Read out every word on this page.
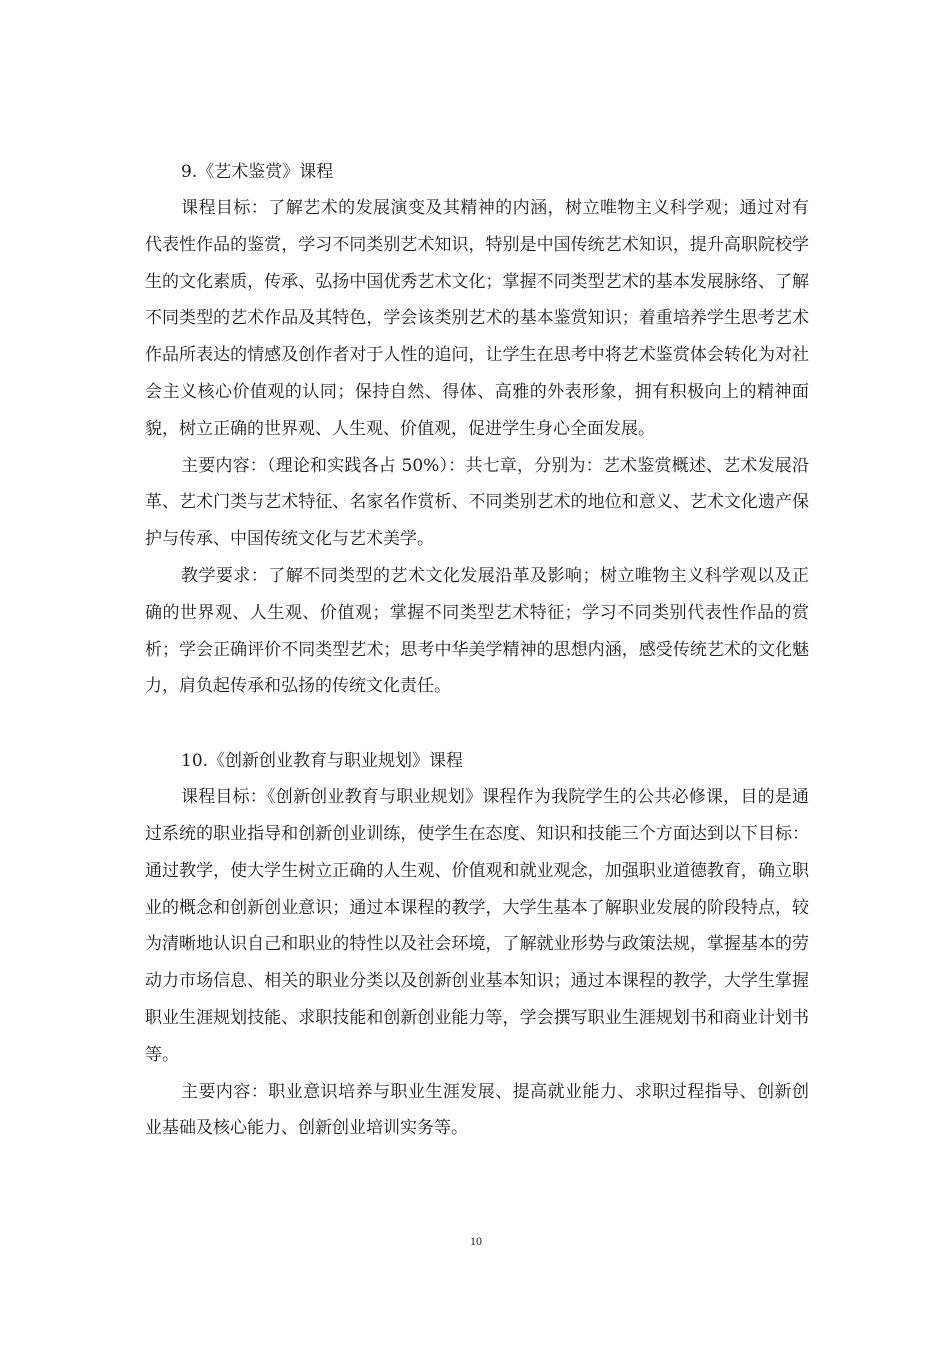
9.《艺术鉴赏》课程

课程目标：了解艺术的发展演变及其精神的内涵，树立唯物主义科学观；通过对有代表性作品的鉴赏，学习不同类别艺术知识，特别是中国传统艺术知识，提升高职院校学生的文化素质，传承、弘扬中国优秀艺术文化；掌握不同类型艺术的基本发展脉络、了解不同类型的艺术作品及其特色，学会该类别艺术的基本鉴赏知识；着重培养学生思考艺术作品所表达的情感及创作者对于人性的追问，让学生在思考中将艺术鉴赏体会转化为对社会主义核心价值观的认同；保持自然、得体、高雅的外表形象，拥有积极向上的精神面貌，树立正确的世界观、人生观、价值观，促进学生身心全面发展。

主要内容：（理论和实践各占 50%）：共七章，分别为：艺术鉴赏概述、艺术发展沿革、艺术门类与艺术特征、名家名作赏析、不同类别艺术的地位和意义、艺术文化遗产保护与传承、中国传统文化与艺术美学。

教学要求：了解不同类型的艺术文化发展沿革及影响；树立唯物主义科学观以及正确的世界观、人生观、价值观；掌握不同类型艺术特征；学习不同类别代表性作品的赏析；学会正确评价不同类型艺术；思考中华美学精神的思想内涵，感受传统艺术的文化魅力，肩负起传承和弘扬的传统文化责任。

10.《创新创业教育与职业规划》课程

课程目标：《创新创业教育与职业规划》课程作为我院学生的公共必修课，目的是通过系统的职业指导和创新创业训练，使学生在态度、知识和技能三个方面达到以下目标：通过教学，使大学生树立正确的人生观、价值观和就业观念，加强职业道德教育，确立职业的概念和创新创业意识；通过本课程的教学，大学生基本了解职业发展的阶段特点，较为清晰地认识自己和职业的特性以及社会环境，了解就业形势与政策法规，掌握基本的劳动力市场信息、相关的职业分类以及创新创业基本知识；通过本课程的教学，大学生掌握职业生涯规划技能、求职技能和创新创业能力等，学会撰写职业生涯规划书和商业计划书等。

主要内容：职业意识培养与职业生涯发展、提高就业能力、求职过程指导、创新创业基础及核心能力、创新创业培训实务等。

10
